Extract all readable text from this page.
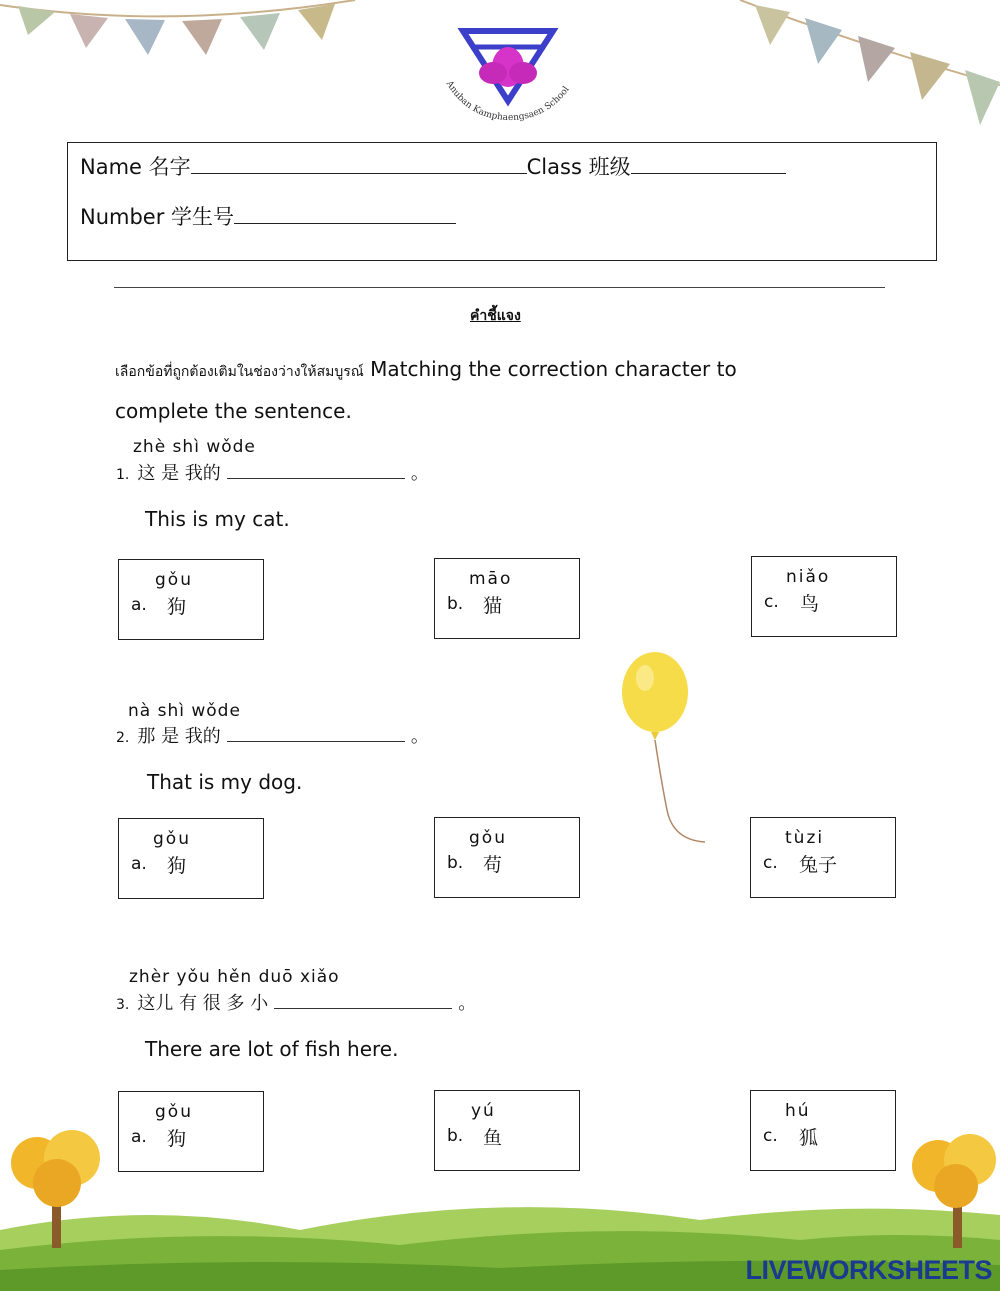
Anuban Kamphaengsaen School
Name 名字	Class 班级
Number 学生号
คำชี้แจง
เลือกข้อที่ถูกต้องเติมในช่องว่างให้สมบูรณ์ Matching the correction character to complete the sentence.
zhè shì wǒde
1. 这 是 我的	。
This is my cat.
gǒu
a. 狗
māo
b. 猫
niǎo
c. 鸟
nà shì wǒde
2. 那 是 我的	。
That is my dog.
gǒu
a. 狗
gǒu
b. 苟
tùzi
c. 兔子
zhèr yǒu hěn duō xiǎo
3. 这儿 有 很 多 小	。
There are lot of fish here.
gǒu
a. 狗
yú
b. 鱼
hú
c. 狐
LIVEWORKSHEETS
